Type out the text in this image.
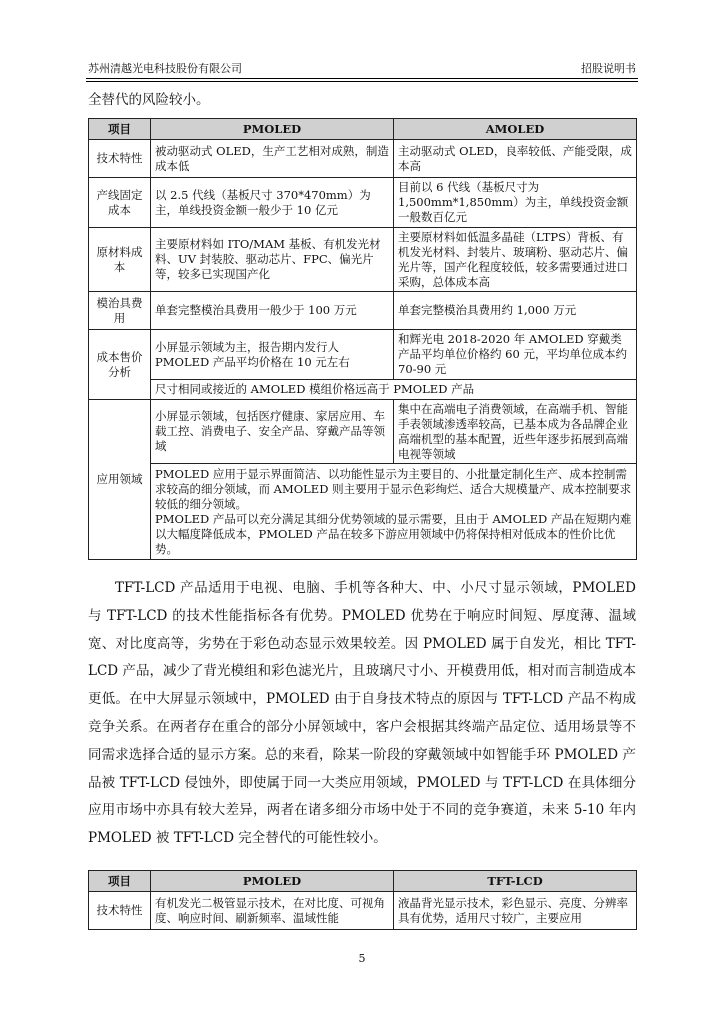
苏州清越光电科技股份有限公司	招股说明书
全替代的风险较小。
项目	PMOLED	AMOLED
技术特性	被动驱动式 OLED，生产工艺相对成熟，制造成本低	主动驱动式 OLED，良率较低、产能受限，成本高
产线固定成本	以 2.5 代线（基板尺寸 370*470mm）为主，单线投资金额一般少于 10 亿元	目前以 6 代线（基板尺寸为 1,500mm*1,850mm）为主，单线投资金额一般数百亿元
原材料成本	主要原材料如 ITO/MAM 基板、有机发光材料、UV 封装胶、驱动芯片、FPC、偏光片等，较多已实现国产化	主要原材料如低温多晶硅（LTPS）背板、有机发光材料、封装片、玻璃粉、驱动芯片、偏光片等，国产化程度较低，较多需要通过进口采购，总体成本高
模治具费用	单套完整模治具费用一般少于 100 万元	单套完整模治具费用约 1,000 万元
成本售价分析	小屏显示领域为主，报告期内发行人 PMOLED 产品平均价格在 10 元左右	和辉光电 2018-2020 年 AMOLED 穿戴类产品平均单位价格约 60 元，平均单位成本约 70-90 元
	尺寸相同或接近的 AMOLED 模组价格远高于 PMOLED 产品	
应用领域	小屏显示领域，包括医疗健康、家居应用、车载工控、消费电子、安全产品、穿戴产品等领域	集中在高端电子消费领域，在高端手机、智能手表领域渗透率较高，已基本成为各品牌企业高端机型的基本配置，近些年逐步拓展到高端电视等领域

	PMOLED 应用于显示界面简洁、以功能性显示为主要目的、小批量定制化生产、成本控制需求较高的细分领域，而 AMOLED 则主要用于显示色彩绚烂、适合大规模量产、成本控制要求较低的细分领域。
PMOLED 产品可以充分满足其细分优势领域的显示需要，且由于 AMOLED 产品在短期内难以大幅度降低成本，PMOLED 产品在较多下游应用领域中仍将保持相对低成本的性价比优势。	

TFT-LCD 产品适用于电视、电脑、手机等各种大、中、小尺寸显示领域，PMOLED 与 TFT-LCD 的技术性能指标各有优势。PMOLED 优势在于响应时间短、厚度薄、温域宽、对比度高等，劣势在于彩色动态显示效果较差。因 PMOLED 属于自发光，相比 TFT-LCD 产品，减少了背光模组和彩色滤光片，且玻璃尺寸小、开模费用低，相对而言制造成本更低。在中大屏显示领域中，PMOLED 由于自身技术特点的原因与 TFT-LCD 产品不构成竞争关系。在两者存在重合的部分小屏领域中，客户会根据其终端产品定位、适用场景等不同需求选择合适的显示方案。总的来看，除某一阶段的穿戴领域中如智能手环 PMOLED 产品被 TFT-LCD 侵蚀外，即使属于同一大类应用领域，PMOLED 与 TFT-LCD 在具体细分应用市场中亦具有较大差异，两者在诸多细分市场中处于不同的竞争赛道，未来 5-10 年内 PMOLED 被 TFT-LCD 完全替代的可能性较小。

项目	PMOLED	TFT-LCD
技术特性	有机发光二极管显示技术，在对比度、可视角度、响应时间、刷新频率、温域性能	液晶背光显示技术，彩色显示、亮度、分辨率具有优势，适用尺寸较广，主要应用
5
